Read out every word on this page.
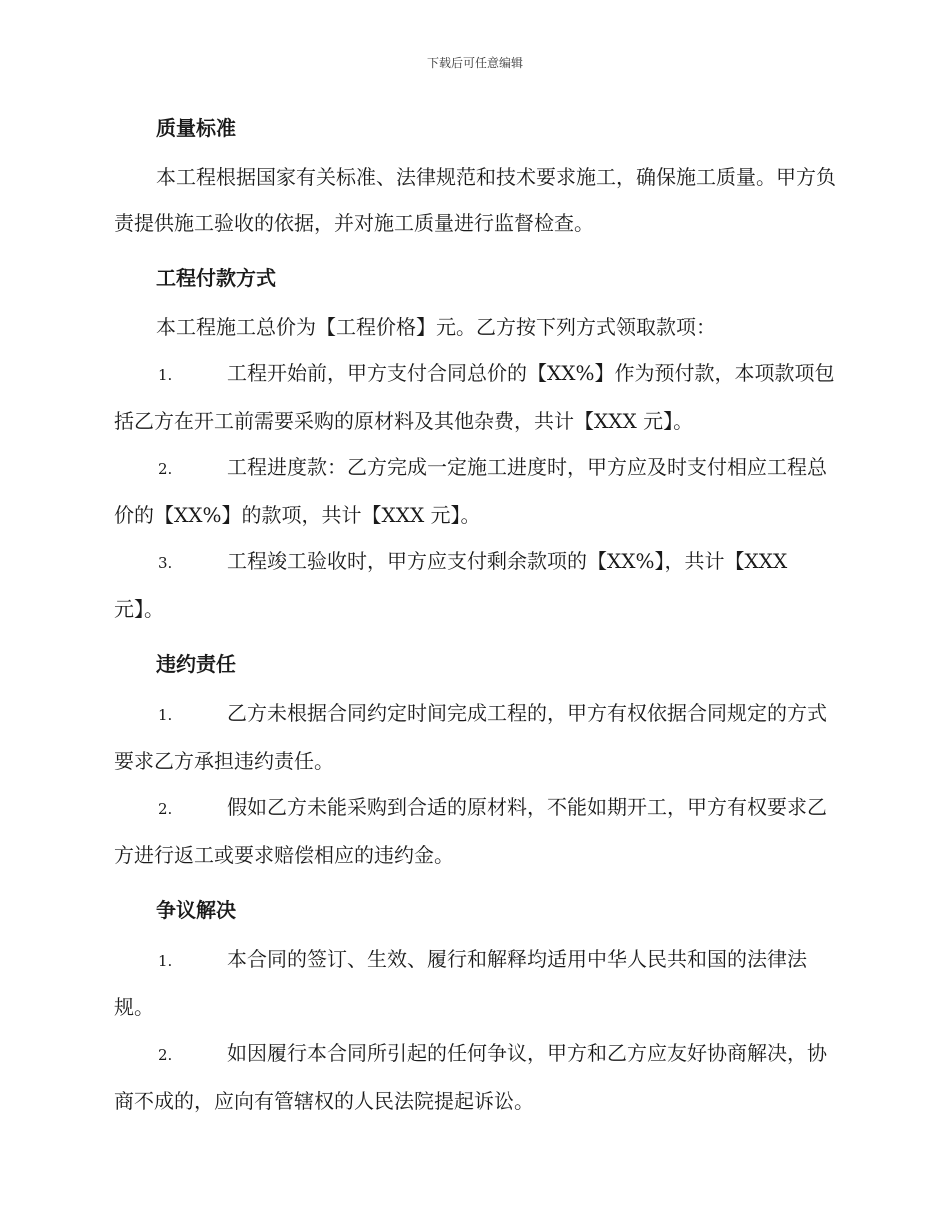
下载后可任意编辑
质量标准

本工程根据国家有关标准、法律规范和技术要求施工，确保施工质量。甲方负责提供施工验收的依据，并对施工质量进行监督检查。

工程付款方式

本工程施工总价为【工程价格】元。乙方按下列方式领取款项：

1.	工程开始前，甲方支付合同总价的【XX%】作为预付款，本项款项包括乙方在开工前需要采购的原材料及其他杂费，共计【XXX 元】。

2.	工程进度款：乙方完成一定施工进度时，甲方应及时支付相应工程总价的【XX%】的款项，共计【XXX 元】。

3.	工程竣工验收时，甲方应支付剩余款项的【XX%】，共计【XXX 元】。

违约责任

1.	乙方未根据合同约定时间完成工程的，甲方有权依据合同规定的方式要求乙方承担违约责任。

2.	假如乙方未能采购到合适的原材料，不能如期开工，甲方有权要求乙方进行返工或要求赔偿相应的违约金。

争议解决

1.	本合同的签订、生效、履行和解释均适用中华人民共和国的法律法规。

2.	如因履行本合同所引起的任何争议，甲方和乙方应友好协商解决，协商不成的，应向有管辖权的人民法院提起诉讼。
